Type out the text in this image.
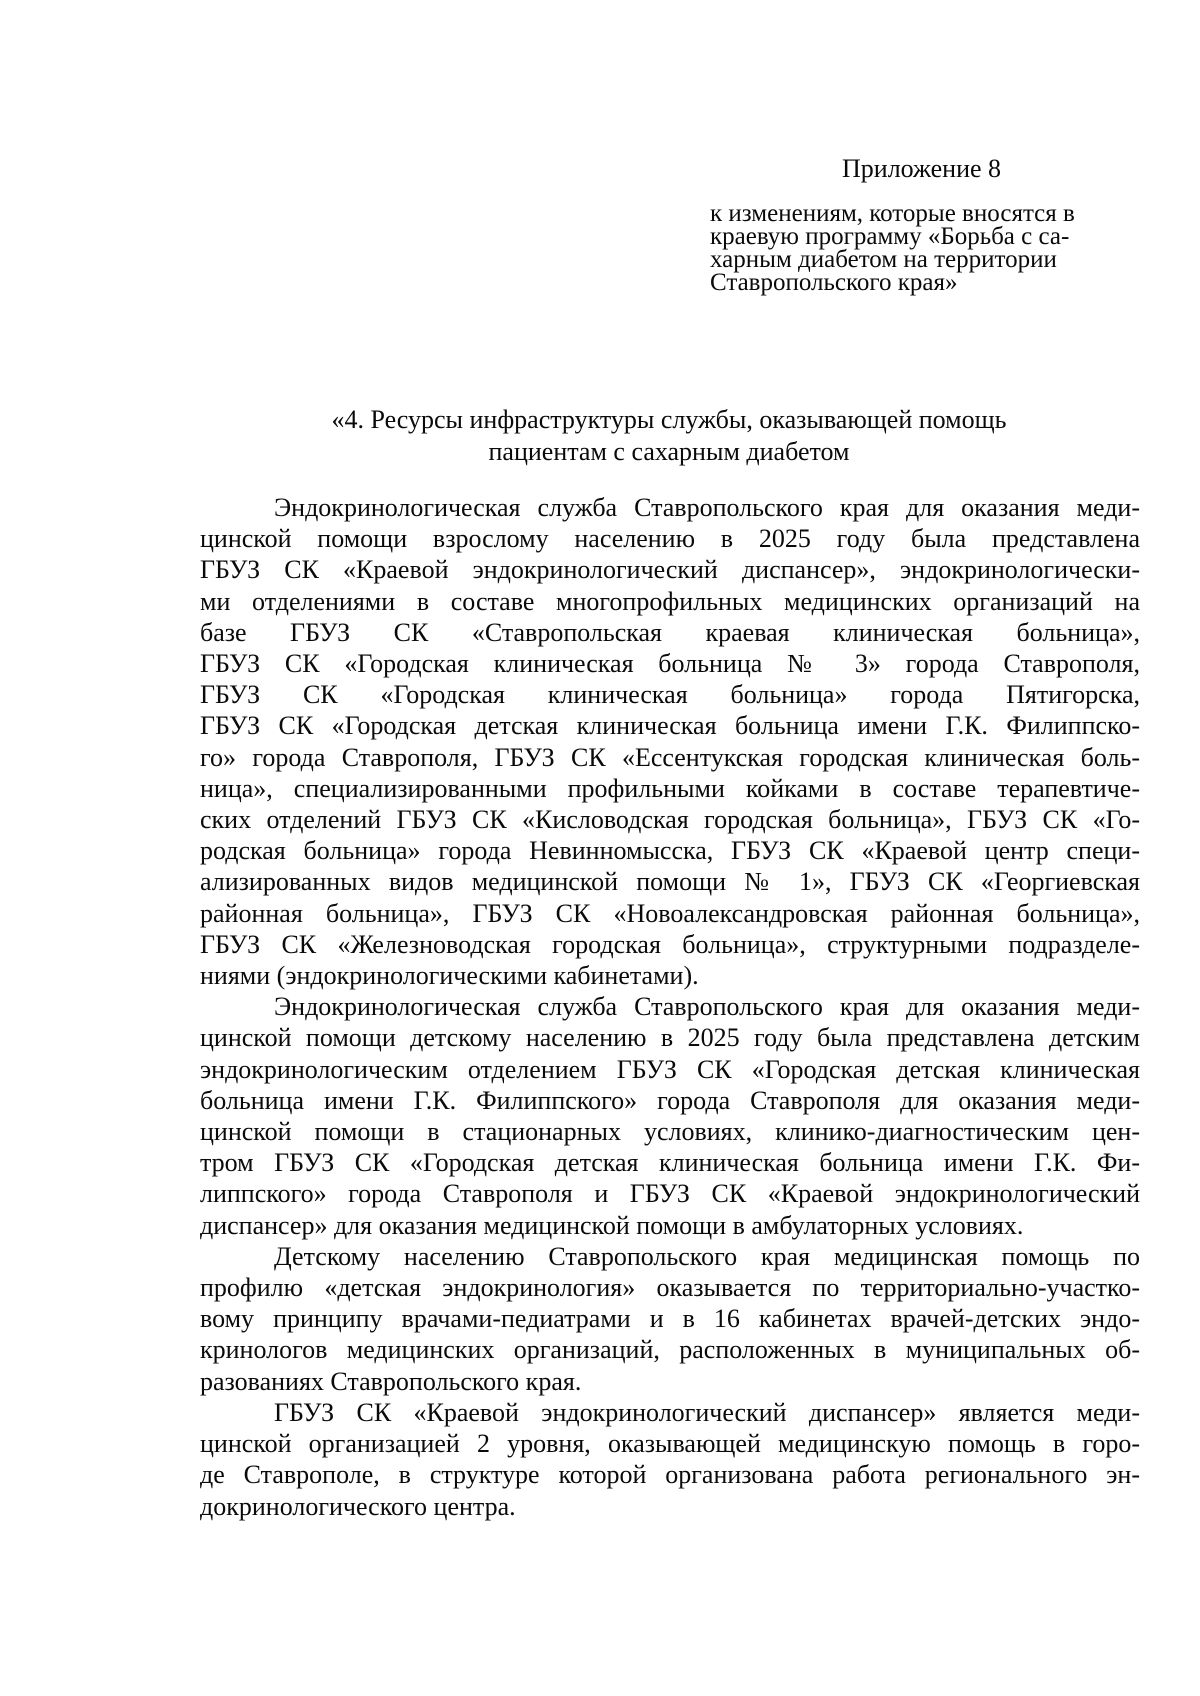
Приложение 8
к изменениям, которые вносятся в
краевую программу «Борьба с са-
харным диабетом на территории
Ставропольского края»
«4. Ресурсы инфраструктуры службы, оказывающей помощь
пациентам с сахарным диабетом
Эндокринологическая служба Ставропольского края для оказания меди-
цинской помощи взрослому населению в 2025 году была представлена
ГБУЗ СК «Краевой эндокринологический диспансер», эндокринологически-
ми отделениями в составе многопрофильных медицинских организаций на
базе ГБУЗ СК «Ставропольская краевая клиническая больница»,
ГБУЗ СК «Городская клиническая больница № 3» города Ставрополя,
ГБУЗ СК «Городская клиническая больница» города Пятигорска,
ГБУЗ СК «Городская детская клиническая больница имени Г.К. Филиппско-
го» города Ставрополя, ГБУЗ СК «Ессентукская городская клиническая боль-
ница», специализированными профильными койками в составе терапевтиче-
ских отделений ГБУЗ СК «Кисловодская городская больница», ГБУЗ СК «Го-
родская больница» города Невинномысска, ГБУЗ СК «Краевой центр специ-
ализированных видов медицинской помощи № 1», ГБУЗ СК «Георгиевская
районная больница», ГБУЗ СК «Новоалександровская районная больница»,
ГБУЗ СК «Железноводская городская больница», структурными подразделе-
ниями (эндокринологическими кабинетами).
Эндокринологическая служба Ставропольского края для оказания меди-
цинской помощи детскому населению в 2025 году была представлена детским
эндокринологическим отделением ГБУЗ СК «Городская детская клиническая
больница имени Г.К. Филиппского» города Ставрополя для оказания меди-
цинской помощи в стационарных условиях, клинико-диагностическим цен-
тром ГБУЗ СК «Городская детская клиническая больница имени Г.К. Фи-
липпского» города Ставрополя и ГБУЗ СК «Краевой эндокринологический
диспансер» для оказания медицинской помощи в амбулаторных условиях.
Детскому населению Ставропольского края медицинская помощь по
профилю «детская эндокринология» оказывается по территориально-участко-
вому принципу врачами-педиатрами и в 16 кабинетах врачей-детских эндо-
кринологов медицинских организаций, расположенных в муниципальных об-
разованиях Ставропольского края.
ГБУЗ СК «Краевой эндокринологический диспансер» является меди-
цинской организацией 2 уровня, оказывающей медицинскую помощь в горо-
де Ставрополе, в структуре которой организована работа регионального эн-
докринологического центра.
